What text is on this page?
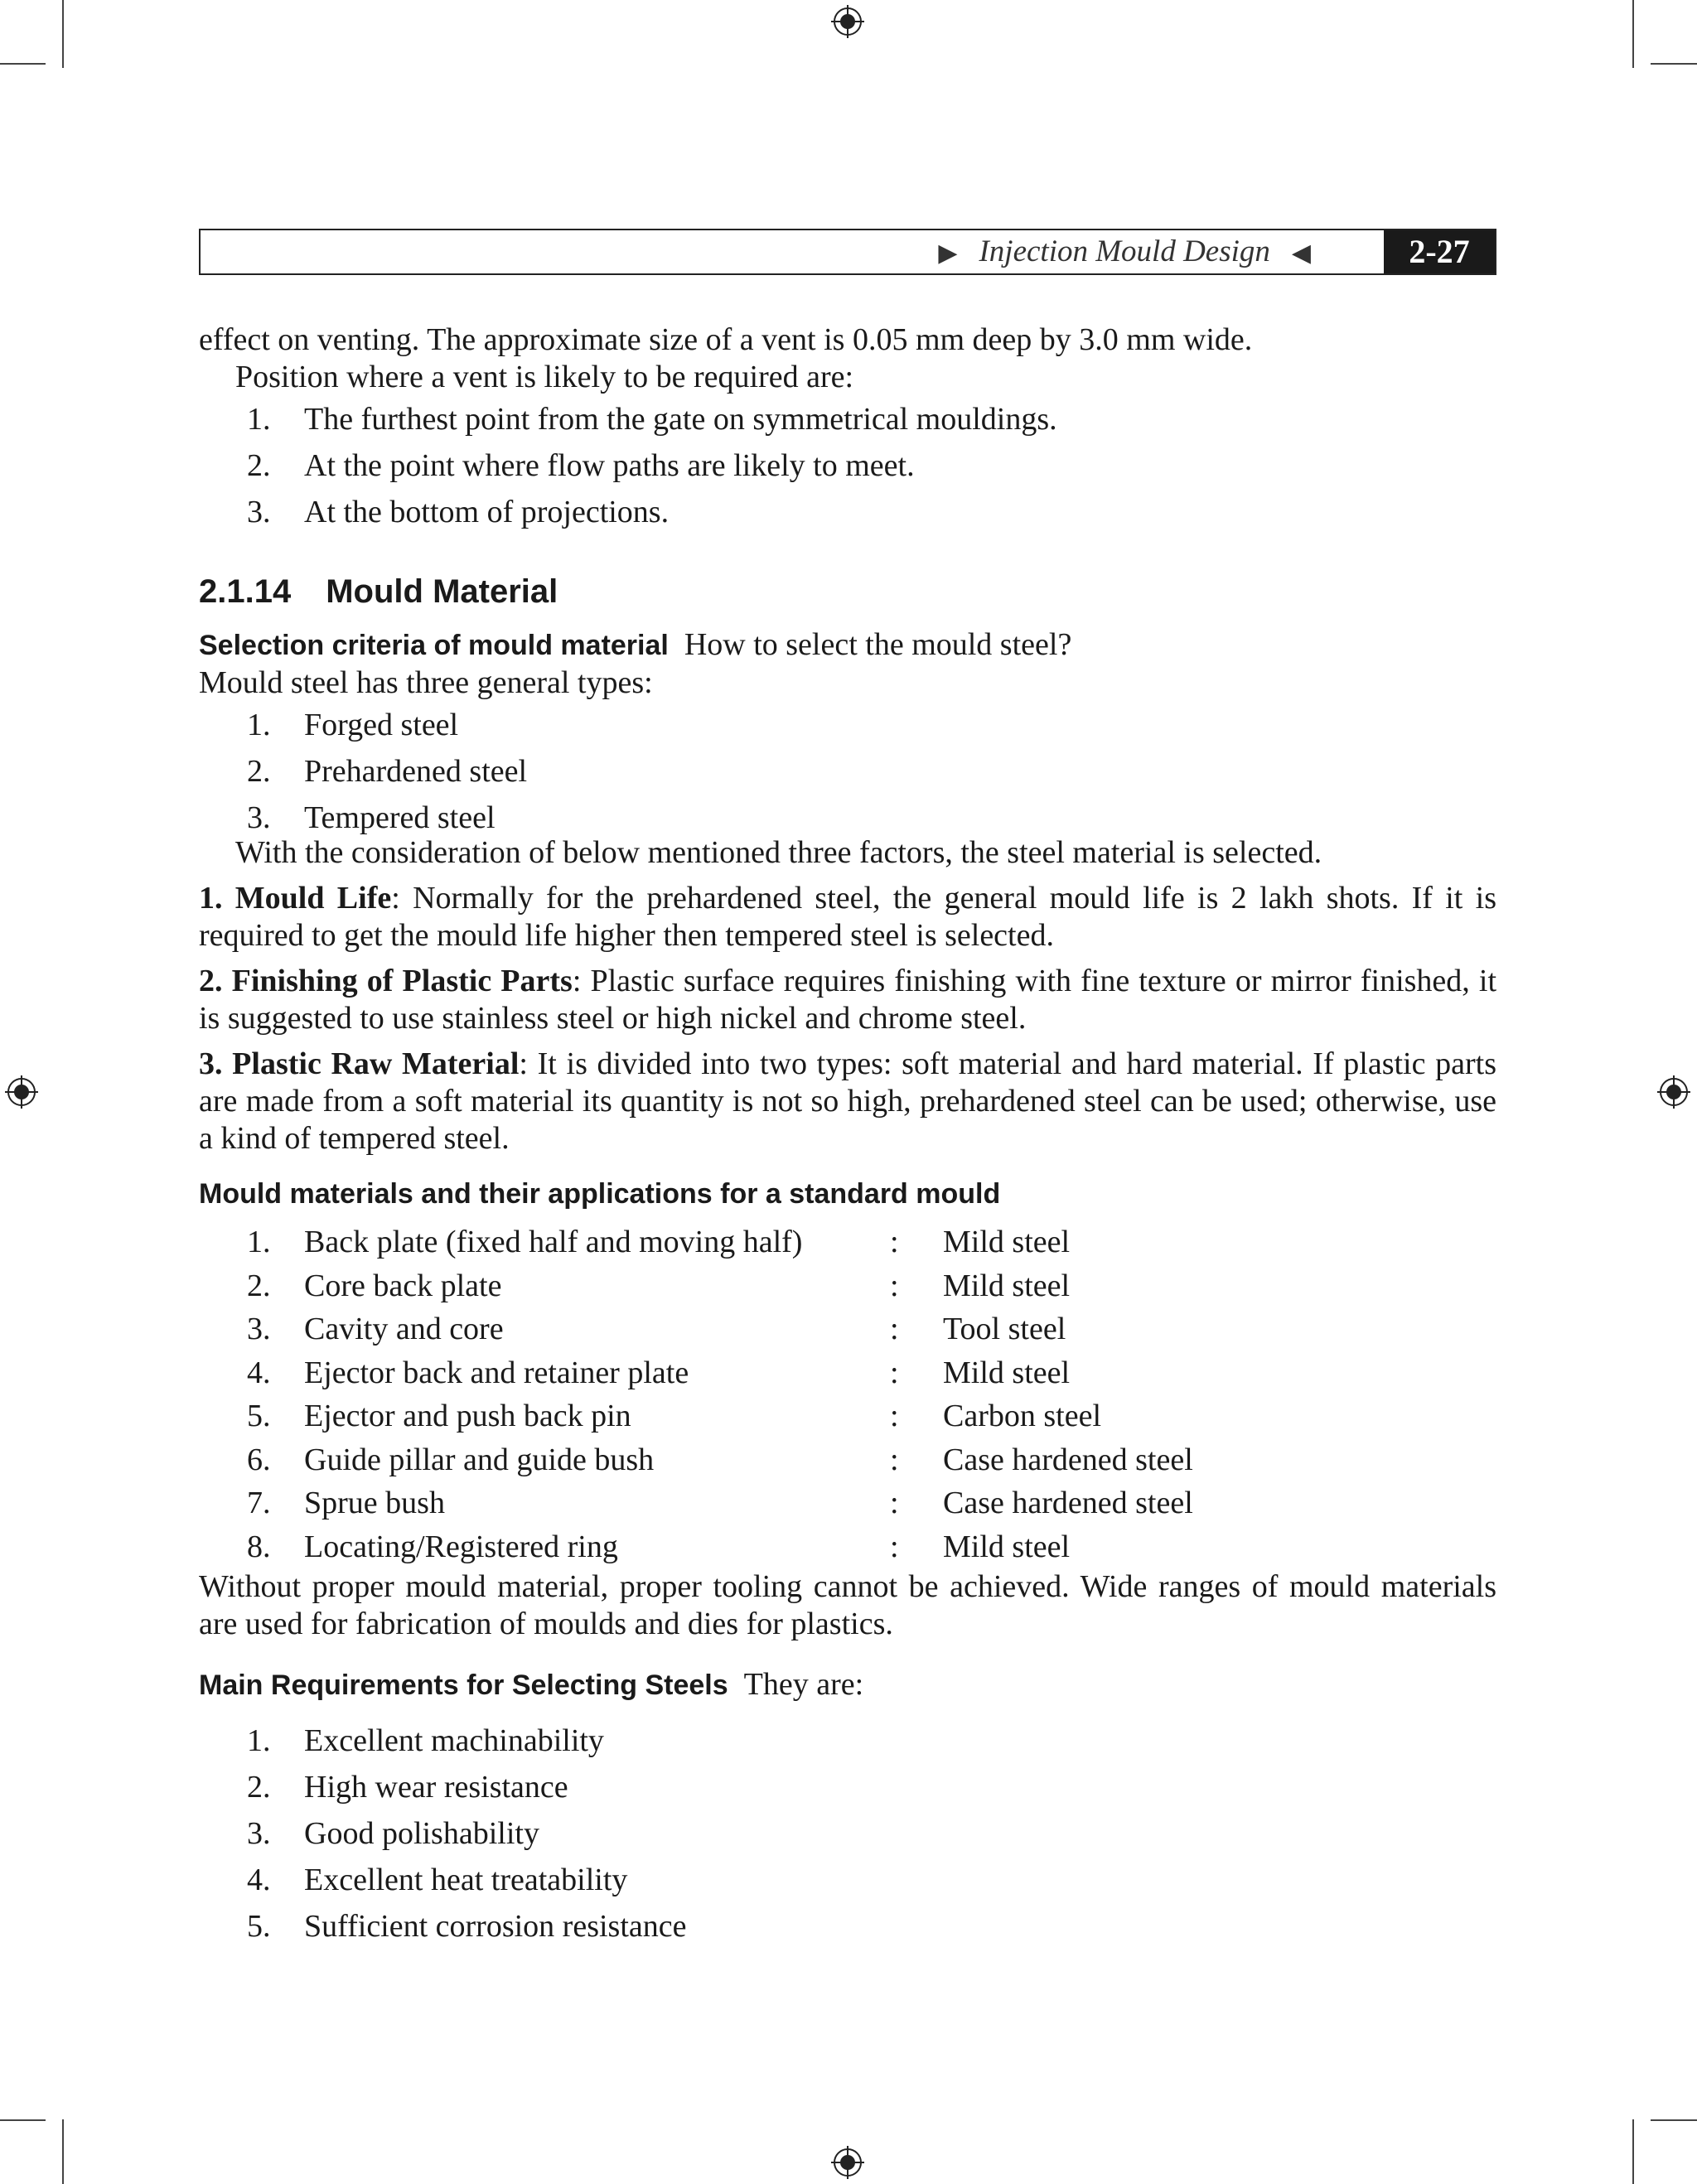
▶ Injection Mould Design ◀	2-27

effect on venting. The approximate size of a vent is 0.05 mm deep by 3.0 mm wide.

Position where a vent is likely to be required are:

1. The furthest point from the gate on symmetrical mouldings.
2. At the point where flow paths are likely to meet.
3. At the bottom of projections.
2.1.14 Mould Material

Selection criteria of mould material How to select the mould steel?

Mould steel has three general types:

1. Forged steel
2. Prehardened steel
3. Tempered steel

With the consideration of below mentioned three factors, the steel material is selected.

1. Mould Life: Normally for the prehardened steel, the general mould life is 2 lakh shots. If it is required to get the mould life higher then tempered steel is selected.

2. Finishing of Plastic Parts: Plastic surface requires finishing with fine texture or mirror finished, it is suggested to use stainless steel or high nickel and chrome steel.

3. Plastic Raw Material: It is divided into two types: soft material and hard material. If plastic parts are made from a soft material its quantity is not so high, prehardened steel can be used; otherwise, use a kind of tempered steel.

Mould materials and their applications for a standard mould
1. Back plate (fixed half and moving half)	: Mild steel
2. Core back plate	: Mild steel
3. Cavity and core	: Tool steel
4. Ejector back and retainer plate	: Mild steel
5. Ejector and push back pin	: Carbon steel
6. Guide pillar and guide bush	: Case hardened steel
7. Sprue bush	: Case hardened steel
8. Locating/Registered ring	: Mild steel

Without proper mould material, proper tooling cannot be achieved. Wide ranges of mould materials are used for fabrication of moulds and dies for plastics.

Main Requirements for Selecting Steels They are:

1. Excellent machinability
2. High wear resistance
3. Good polishability
4. Excellent heat treatability
5. Sufficient corrosion resistance
